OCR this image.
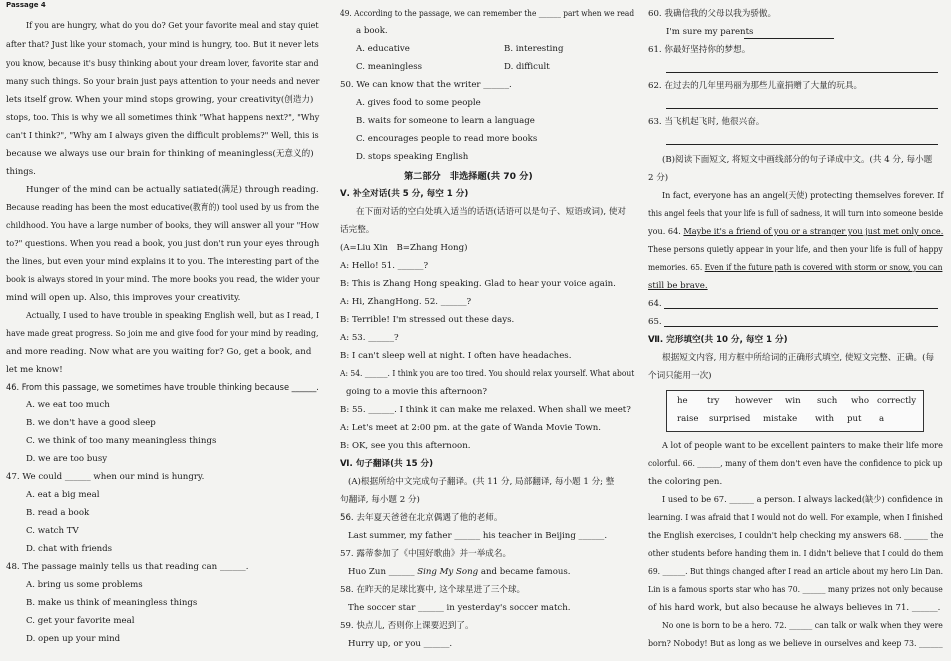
Passage 4
If you are hungry, what do you do? Get your favorite meal and stay quiet
after that? Just like your stomach, your mind is hungry, too. But it never lets
you know, because it's busy thinking about your dream lover, favorite star and
many such things. So your brain just pays attention to your needs and never
lets itself grow. When your mind stops growing, your creativity(创造力)
stops, too. This is why we all sometimes think "What happens next?", "Why
can't I think?", "Why am I always given the difficult problems?" Well, this is
because we always use our brain for thinking of meaningless(无意义的)
things.
Hunger of the mind can be actually satiated(满足) through reading.
Because reading has been the most educative(教育的) tool used by us from the
childhood. You have a large number of books, they will answer all your "How
to?" questions. When you read a book, you just don't run your eyes through
the lines, but even your mind explains it to you. The interesting part of the
book is always stored in your mind. The more books you read, the wider your
mind will open up. Also, this improves your creativity.
Actually, I used to have trouble in speaking English well, but as I read, I
have made great progress. So join me and give food for your mind by reading,
and more reading. Now what are you waiting for? Go, get a book, and
let me know!
46. From this passage, we sometimes have trouble thinking because ______.
A. we eat too much
B. we don't have a good sleep
C. we think of too many meaningless things
D. we are too busy
47. We could ______ when our mind is hungry.
A. eat a big meal
B. read a book
C. watch TV
D. chat with friends
48. The passage mainly tells us that reading can ______.
A. bring us some problems
B. make us think of meaningless things
C. get your favorite meal
D. open up your mind
49. According to the passage, we can remember the ______ part when we read
a book.
A. educative	B. interesting
C. meaningless	D. difficult
50. We can know that the writer ______.
A. gives food to some people
B. waits for someone to learn a language
C. encourages people to read more books
D. stops speaking English
第二部分　非选择题(共 70 分)
Ⅴ. 补全对话(共 5 分, 每空 1 分)
在下面对话的空白处填入适当的话语(话语可以是句子、短语或词), 使对
话完整。
(A=Liu Xin　B=Zhang Hong)
A: Hello! 51. ______?
B: This is Zhang Hong speaking. Glad to hear your voice again.
A: Hi, ZhangHong. 52. ______?
B: Terrible! I'm stressed out these days.
A: 53. ______?
B: I can't sleep well at night. I often have headaches.
A: 54. ______. I think you are too tired. You should relax yourself. What about
going to a movie this afternoon?
B: 55. ______. I think it can make me relaxed. When shall we meet?
A: Let's meet at 2:00 pm. at the gate of Wanda Movie Town.
B: OK, see you this afternoon.
Ⅵ. 句子翻译(共 15 分)
(A)根据所给中文完成句子翻译。(共 11 分, 局部翻译, 每小题 1 分; 整
句翻译, 每小题 2 分)
56. 去年夏天爸爸在北京偶遇了他的老师。
Last summer, my father ______ his teacher in Beijing ______.
57. 露蒂参加了《中国好歌曲》并一举成名。
Huo Zun ______ Sing My Song and became famous.
58. 在昨天的足球比赛中, 这个球星进了三个球。
The soccer star ______ in yesterday's soccer match.
59. 快点儿, 否则你上课要迟到了。
Hurry up, or you ______.
60. 我确信我的父母以我为骄傲。
I'm sure my parents
61. 你最好坚持你的梦想。
62. 在过去的几年里玛丽为那些儿童捐赠了大量的玩具。
63. 当飞机起飞时, 他很兴奋。
(B)阅读下面短文, 将短文中画线部分的句子译成中文。(共 4 分, 每小题
2 分)
In fact, everyone has an angel(天使) protecting themselves forever. If
this angel feels that your life is full of sadness, it will turn into someone beside
you. 64. Maybe it's a friend of you or a stranger you just met only once.
These persons quietly appear in your life, and then your life is full of happy
memories. 65. Even if the future path is covered with storm or snow, you can
still be brave.
64.
65.
Ⅶ. 完形填空(共 10 分, 每空 1 分)
根据短文内容, 用方框中所给词的正确形式填空, 使短文完整、正确。(每
个词只能用一次)
he try however win such who correctly
raise surprised mistake with put a
A lot of people want to be excellent painters to make their life more
colorful. 66. ______, many of them don't even have the confidence to pick up
the coloring pen.
I used to be 67. ______ a person. I always lacked(缺少) confidence in
learning. I was afraid that I would not do well. For example, when I finished
the English exercises, I couldn't help checking my answers 68. ______ the
other students before handing them in. I didn't believe that I could do them
69. ______. But things changed after I read an article about my hero Lin Dan.
Lin is a famous sports star who has 70. ______ many prizes not only because
of his hard work, but also because he always believes in 71. ______.
No one is born to be a hero. 72. ______ can talk or walk when they were
born? Nobody! But as long as we believe in ourselves and keep 73. ______
